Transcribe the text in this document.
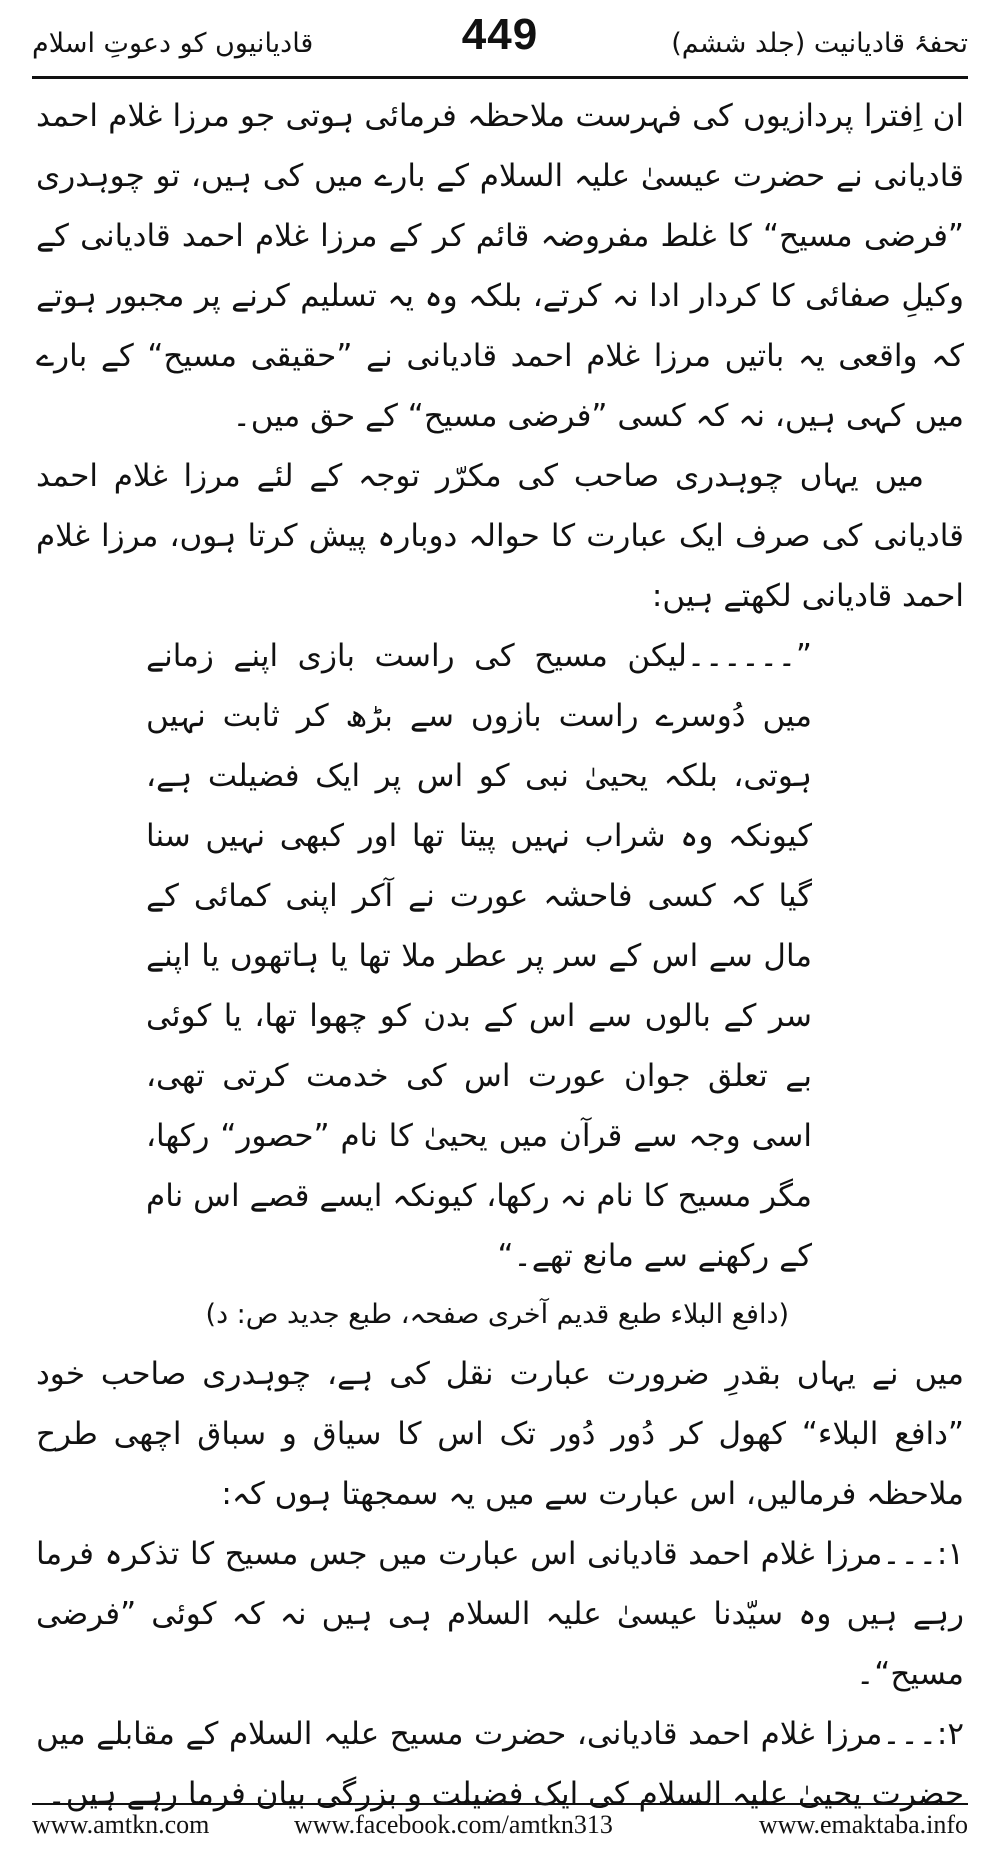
تحفۂ قادیانیت (جلد ششم)
449
قادیانیوں کو دعوتِ اسلام

ان اِفترا پردازیوں کی فہرست ملاحظہ فرمائی ہوتی جو مرزا غلام احمد قادیانی نے حضرت عیسیٰ علیہ السلام کے بارے میں کی ہیں، تو چوہدری ”فرضی مسیح“ کا غلط مفروضہ قائم کر کے مرزا غلام احمد قادیانی کے وکیلِ صفائی کا کردار ادا نہ کرتے، بلکہ وہ یہ تسلیم کرنے پر مجبور ہوتے کہ واقعی یہ باتیں مرزا غلام احمد قادیانی نے ”حقیقی مسیح“ کے بارے میں کہی ہیں، نہ کہ کسی ”فرضی مسیح“ کے حق میں۔

میں یہاں چوہدری صاحب کی مکرّر توجہ کے لئے مرزا غلام احمد قادیانی کی صرف ایک عبارت کا حوالہ دوبارہ پیش کرتا ہوں، مرزا غلام احمد قادیانی لکھتے ہیں:

”۔۔۔۔۔۔لیکن مسیح کی راست بازی اپنے زمانے میں دُوسرے راست بازوں سے بڑھ کر ثابت نہیں ہوتی، بلکہ یحییٰ نبی کو اس پر ایک فضیلت ہے، کیونکہ وہ شراب نہیں پیتا تھا اور کبھی نہیں سنا گیا کہ کسی فاحشہ عورت نے آکر اپنی کمائی کے مال سے اس کے سر پر عطر ملا تھا یا ہاتھوں یا اپنے سر کے بالوں سے اس کے بدن کو چھوا تھا، یا کوئی بے تعلق جوان عورت اس کی خدمت کرتی تھی، اسی وجہ سے قرآن میں یحییٰ کا نام ”حصور“ رکھا، مگر مسیح کا نام نہ رکھا، کیونکہ ایسے قصے اس نام کے رکھنے سے مانع تھے۔“

(دافع البلاء طبع قدیم آخری صفحہ، طبع جدید ص: د)

میں نے یہاں بقدرِ ضرورت عبارت نقل کی ہے، چوہدری صاحب خود ”دافع البلاء“ کھول کر دُور دُور تک اس کا سیاق و سباق اچھی طرح ملاحظہ فرمالیں، اس عبارت سے میں یہ سمجھتا ہوں کہ:

۱:۔۔۔مرزا غلام احمد قادیانی اس عبارت میں جس مسیح کا تذکرہ فرما رہے ہیں وہ سیّدنا عیسیٰ علیہ السلام ہی ہیں نہ کہ کوئی ”فرضی مسیح“۔

۲:۔۔۔مرزا غلام احمد قادیانی، حضرت مسیح علیہ السلام کے مقابلے میں حضرت یحییٰ علیہ السلام کی ایک فضیلت و بزرگی بیان فرما رہے ہیں۔

www.amtkn.com	www.facebook.com/amtkn313	www.emaktaba.info
